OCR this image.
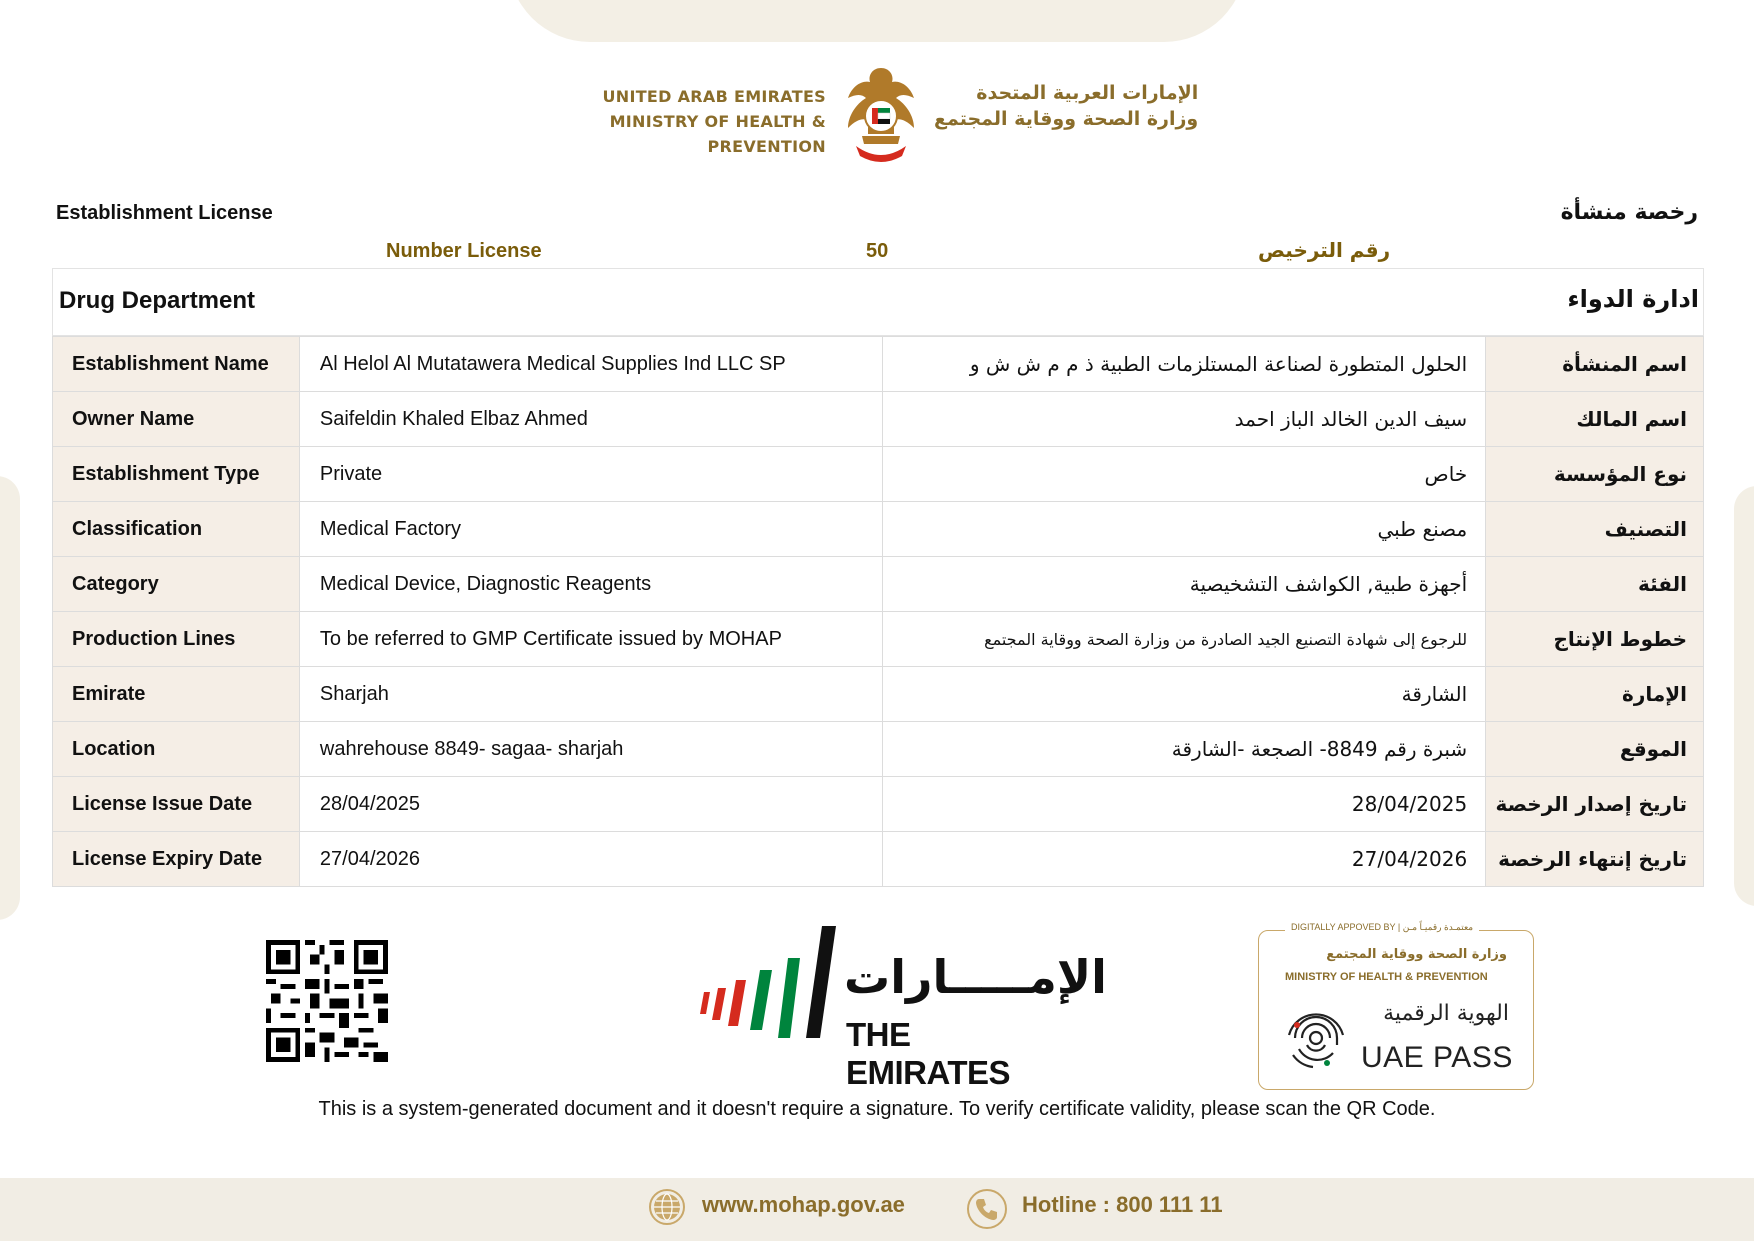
UNITED ARAB EMIRATES
MINISTRY OF HEALTH & PREVENTION
الإمارات العربية المتحدة
وزارة الصحة ووقاية المجتمع
Establishment License	رخصة منشأة
Number License	50	رقم الترخيص
Drug Department	ادارة الدواء
Establishment Name	Al Helol Al Mutatawera Medical Supplies Ind LLC SP	الحلول المتطورة لصناعة المستلزمات الطبية ذ م م ش ش و	اسم المنشأة
Owner Name	Saifeldin Khaled Elbaz Ahmed	سيف الدين الخالد الباز احمد	اسم المالك
Establishment Type	Private	خاص	نوع المؤسسة
Classification	Medical Factory	مصنع طبي	التصنيف
Category	Medical Device, Diagnostic Reagents	أجهزة طبية, الكواشف التشخيصية	الفئة
Production Lines	To be referred to GMP Certificate issued by MOHAP	للرجوع إلى شهادة التصنيع الجيد الصادرة من وزارة الصحة ووقاية المجتمع	خطوط الإنتاج
Emirate	Sharjah	الشارقة	الإمارة
Location	wahrehouse 8849- sagaa- sharjah	شبرة رقم 8849- الصجعة -الشارقة	الموقع
License Issue Date	28/04/2025	28/04/2025	تاريخ إصدار الرخصة
License Expiry Date	27/04/2026	27/04/2026	تاريخ إنتهاء الرخصة
الإمـــــارات
THE EMIRATES
DIGITALLY APPOVED BY | معتمـدة رقميـاً مـن
وزارة الصحة ووقاية المجتمع
MINISTRY OF HEALTH & PREVENTION
الهوية الرقمية
UAE PASS
This is a system-generated document and it doesn't require a signature. To verify certificate validity, please scan the QR Code.
www.mohap.gov.ae	Hotline : 800 111 11
